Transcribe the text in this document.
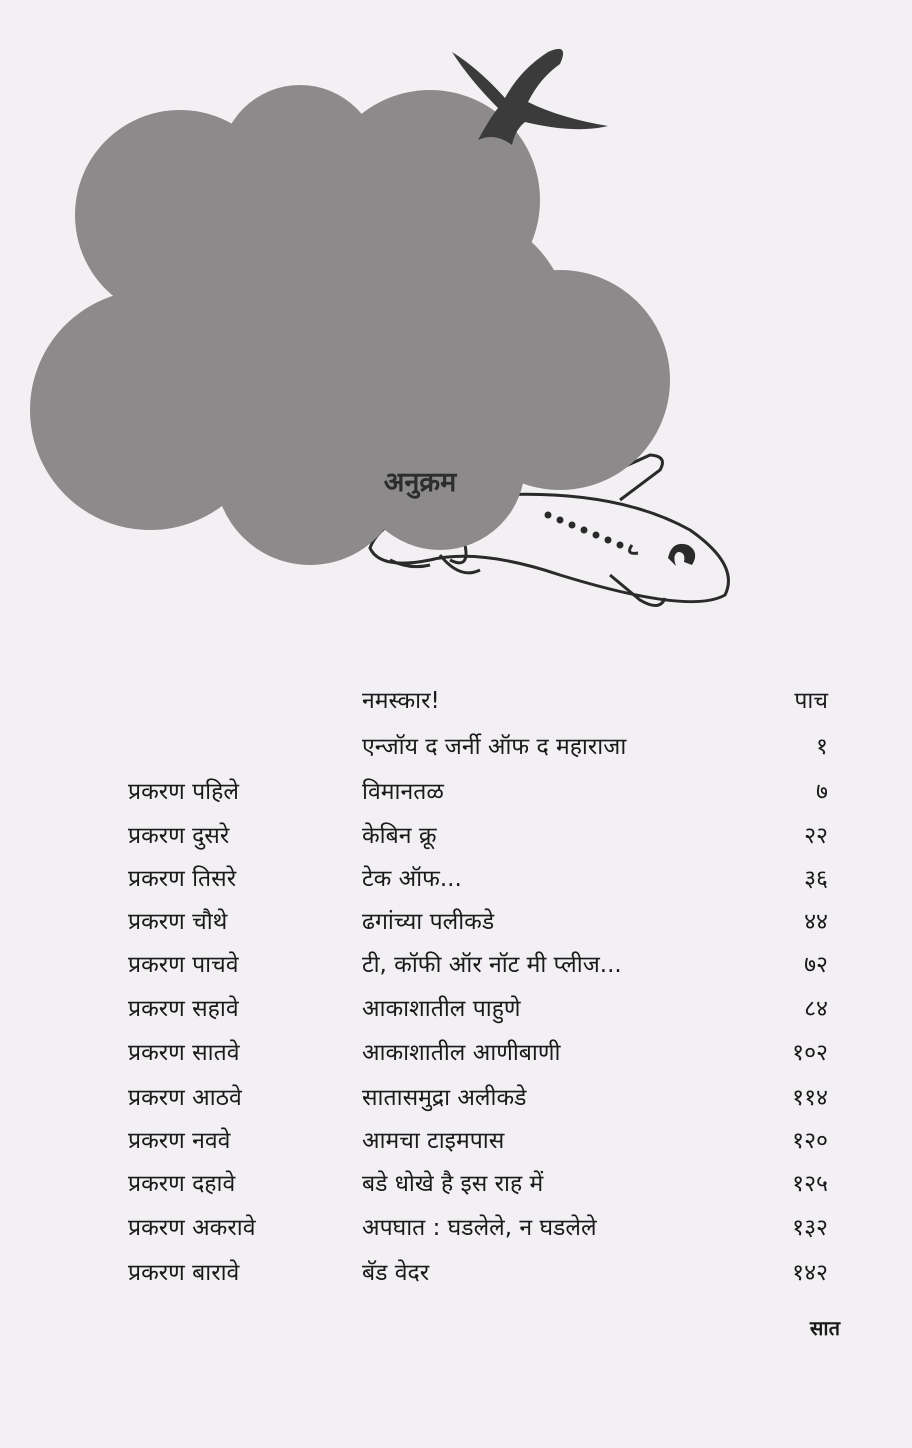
अनुक्रम
नमस्कार!	पाच
एन्जॉय द जर्नी ऑफ द महाराजा	१
प्रकरण पहिले	विमानतळ	७
प्रकरण दुसरे	केबिन क्रू	२२
प्रकरण तिसरे	टेक ऑफ...	३६
प्रकरण चौथे	ढगांच्या पलीकडे	४४
प्रकरण पाचवे	टी, कॉफी ऑर नॉट मी प्लीज...	७२
प्रकरण सहावे	आकाशातील पाहुणे	८४
प्रकरण सातवे	आकाशातील आणीबाणी	१०२
प्रकरण आठवे	सातासमुद्रा अलीकडे	११४
प्रकरण नववे	आमचा टाइमपास	१२०
प्रकरण दहावे	बडे धोखे है इस राह में	१२५
प्रकरण अकरावे	अपघात : घडलेले, न घडलेले	१३२
प्रकरण बारावे	बॅड वेदर	१४२
सात
